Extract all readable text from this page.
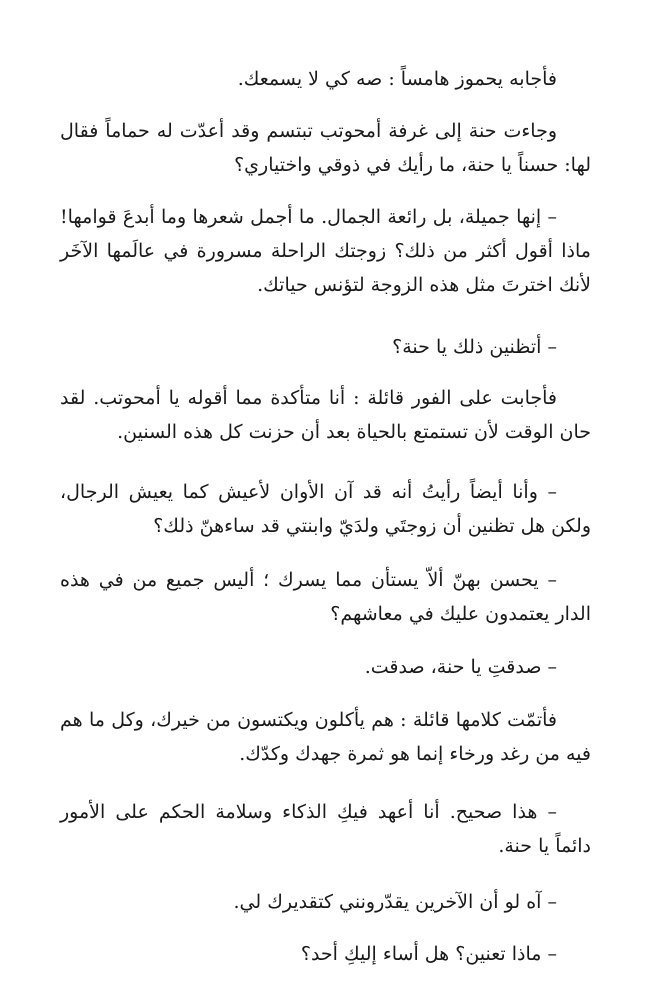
فأجابه يحموز هامساً : صه كي لا يسمعك.

وجاءت حنة إلى غرفة أمحوتب تبتسم وقد أعدّت له حماماً فقال لها: حسناً يا حنة، ما رأيك في ذوقي واختياري؟

– إنها جميلة، بل رائعة الجمال. ما أجمل شعرها وما أبدعَ قوامها! ماذا أقول أكثر من ذلك؟ زوجتك الراحلة مسرورة في عالَمها الآخَر لأنك اخترتَ مثل هذه الزوجة لتؤنس حياتك.

– أتظنين ذلك يا حنة؟

فأجابت على الفور قائلة : أنا متأكدة مما أقوله يا أمحوتب. لقد حان الوقت لأن تستمتع بالحياة بعد أن حزنت كل هذه السنين.

– وأنا أيضاً رأيتُ أنه قد آن الأوان لأعيش كما يعيش الرجال، ولكن هل تظنين أن زوجتَي ولدَيّ وابنتي قد ساءهنّ ذلك؟

– يحسن بهنّ ألاّ يستأن مما يسرك ؛ أليس جميع من في هذه الدار يعتمدون عليك في معاشهم؟

– صدقتِ يا حنة، صدقت.

فأتمّت كلامها قائلة : هم يأكلون ويكتسون من خيرك، وكل ما هم فيه من رغد ورخاء إنما هو ثمرة جهدك وكدّك.

– هذا صحيح. أنا أعهد فيكِ الذكاء وسلامة الحكم على الأمور دائماً يا حنة.

– آه لو أن الآخرين يقدّرونني كتقديرك لي.

– ماذا تعنين؟ هل أساء إليكِ أحد؟
